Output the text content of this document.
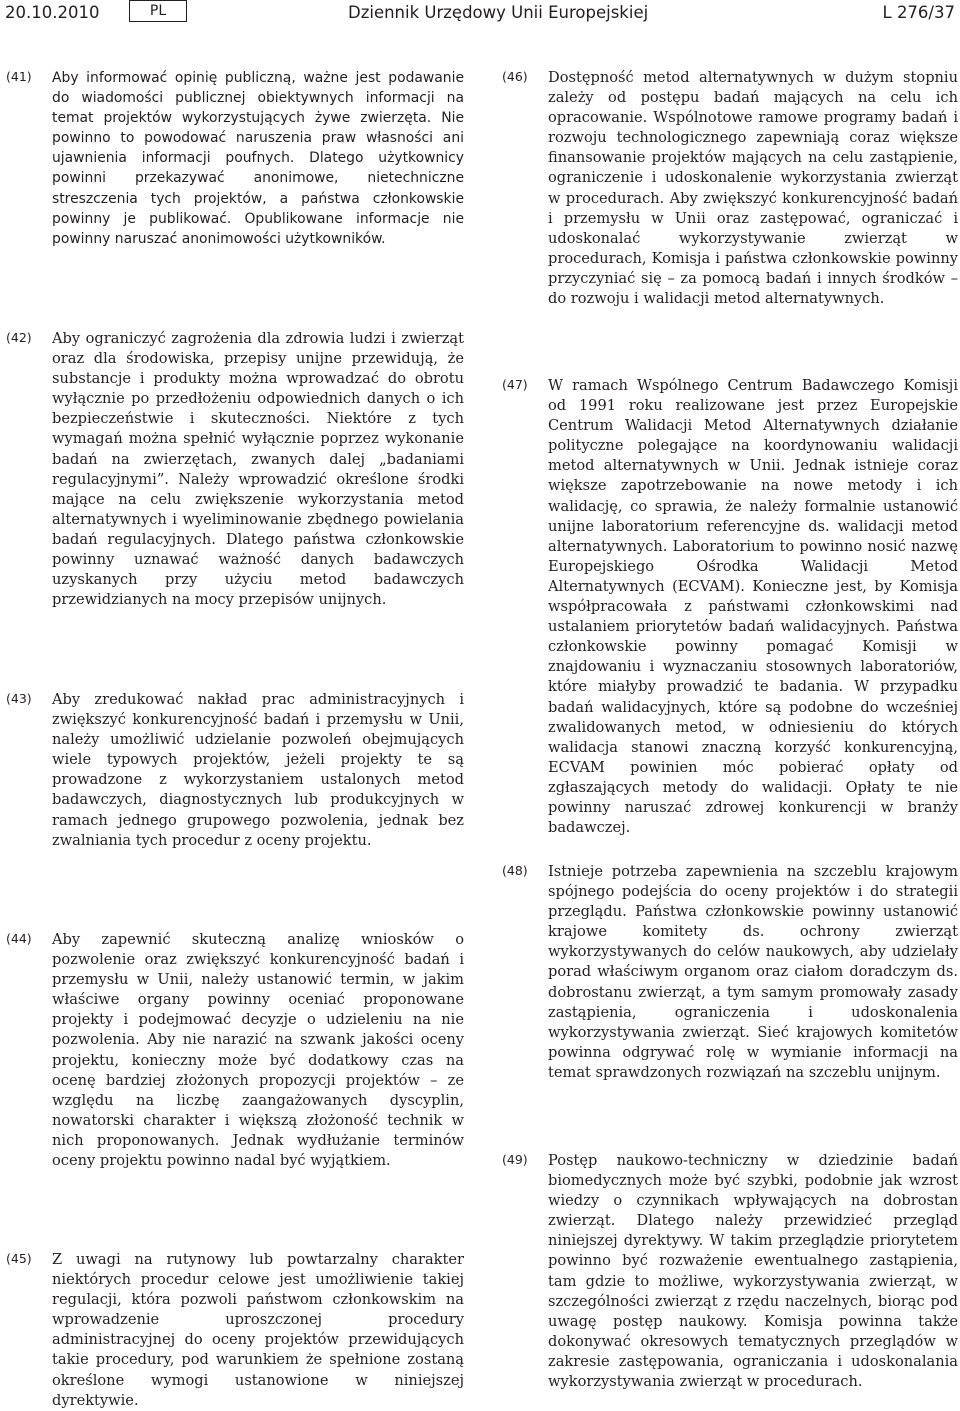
20.10.2010	PL	Dziennik Urzędowy Unii Europejskiej	L 276/37
(41) Aby informować opinię publiczną, ważne jest podawanie do wiadomości publicznej obiektywnych informacji na temat projektów wykorzystujących żywe zwierzęta. Nie powinno to powodować naruszenia praw własności ani ujawnienia informacji poufnych. Dlatego użytkownicy powinni przekazywać anonimowe, nietechniczne streszczenia tych projektów, a państwa członkowskie powinny je publikować. Opublikowane informacje nie powinny naruszać anonimowości użytkowników.
(42) Aby ograniczyć zagrożenia dla zdrowia ludzi i zwierząt oraz dla środowiska, przepisy unijne przewidują, że substancje i produkty można wprowadzać do obrotu wyłącznie po przedłożeniu odpowiednich danych o ich bezpieczeństwie i skuteczności. Niektóre z tych wymagań można spełnić wyłącznie poprzez wykonanie badań na zwierzętach, zwanych dalej „badaniami regulacyjnymi”. Należy wprowadzić określone środki mające na celu zwiększenie wykorzystania metod alternatywnych i wyeliminowanie zbędnego powielania badań regulacyjnych. Dlatego państwa członkowskie powinny uznawać ważność danych badawczych uzyskanych przy użyciu metod badawczych przewidzianych na mocy przepisów unijnych.
(43) Aby zredukować nakład prac administracyjnych i zwiększyć konkurencyjność badań i przemysłu w Unii, należy umożliwić udzielanie pozwoleń obejmujących wiele typowych projektów, jeżeli projekty te są prowadzone z wykorzystaniem ustalonych metod badawczych, diagnostycznych lub produkcyjnych w ramach jednego grupowego pozwolenia, jednak bez zwalniania tych procedur z oceny projektu.
(44) Aby zapewnić skuteczną analizę wniosków o pozwolenie oraz zwiększyć konkurencyjność badań i przemysłu w Unii, należy ustanowić termin, w jakim właściwe organy powinny oceniać proponowane projekty i podejmować decyzje o udzieleniu na nie pozwolenia. Aby nie narazić na szwank jakości oceny projektu, konieczny może być dodatkowy czas na ocenę bardziej złożonych propozycji projektów – ze względu na liczbę zaangażowanych dyscyplin, nowatorski charakter i większą złożoność technik w nich proponowanych. Jednak wydłużanie terminów oceny projektu powinno nadal być wyjątkiem.
(45) Z uwagi na rutynowy lub powtarzalny charakter niektórych procedur celowe jest umożliwienie takiej regulacji, która pozwoli państwom członkowskim na wprowadzenie uproszczonej procedury administracyjnej do oceny projektów przewidujących takie procedury, pod warunkiem że spełnione zostaną określone wymogi ustanowione w niniejszej dyrektywie.
(46) Dostępność metod alternatywnych w dużym stopniu zależy od postępu badań mających na celu ich opracowanie. Wspólnotowe ramowe programy badań i rozwoju technologicznego zapewniają coraz większe finansowanie projektów mających na celu zastąpienie, ograniczenie i udoskonalenie wykorzystania zwierząt w procedurach. Aby zwiększyć konkurencyjność badań i przemysłu w Unii oraz zastępować, ograniczać i udoskonalać wykorzystywanie zwierząt w procedurach, Komisja i państwa członkowskie powinny przyczyniać się – za pomocą badań i innych środków – do rozwoju i walidacji metod alternatywnych.
(47) W ramach Wspólnego Centrum Badawczego Komisji od 1991 roku realizowane jest przez Europejskie Centrum Walidacji Metod Alternatywnych działanie polityczne polegające na koordynowaniu walidacji metod alternatywnych w Unii. Jednak istnieje coraz większe zapotrzebowanie na nowe metody i ich walidację, co sprawia, że należy formalnie ustanowić unijne laboratorium referencyjne ds. walidacji metod alternatywnych. Laboratorium to powinno nosić nazwę Europejskiego Ośrodka Walidacji Metod Alternatywnych (ECVAM). Konieczne jest, by Komisja współpracowała z państwami członkowskimi nad ustalaniem priorytetów badań walidacyjnych. Państwa członkowskie powinny pomagać Komisji w znajdowaniu i wyznaczaniu stosownych laboratoriów, które miałyby prowadzić te badania. W przypadku badań walidacyjnych, które są podobne do wcześniej zwalidowanych metod, w odniesieniu do których walidacja stanowi znaczną korzyść konkurencyjną, ECVAM powinien móc pobierać opłaty od zgłaszających metody do walidacji. Opłaty te nie powinny naruszać zdrowej konkurencji w branży badawczej.
(48) Istnieje potrzeba zapewnienia na szczeblu krajowym spójnego podejścia do oceny projektów i do strategii przeglądu. Państwa członkowskie powinny ustanowić krajowe komitety ds. ochrony zwierząt wykorzystywanych do celów naukowych, aby udzielały porad właściwym organom oraz ciałom doradczym ds. dobrostanu zwierząt, a tym samym promowały zasady zastąpienia, ograniczenia i udoskonalenia wykorzystywania zwierząt. Sieć krajowych komitetów powinna odgrywać rolę w wymianie informacji na temat sprawdzonych rozwiązań na szczeblu unijnym.
(49) Postęp naukowo-techniczny w dziedzinie badań biomedycznych może być szybki, podobnie jak wzrost wiedzy o czynnikach wpływających na dobrostan zwierząt. Dlatego należy przewidzieć przegląd niniejszej dyrektywy. W takim przeglądzie priorytetem powinno być rozważenie ewentualnego zastąpienia, tam gdzie to możliwe, wykorzystywania zwierząt, w szczególności zwierząt z rzędu naczelnych, biorąc pod uwagę postęp naukowy. Komisja powinna także dokonywać okresowych tematycznych przeglądów w zakresie zastępowania, ograniczania i udoskonalania wykorzystywania zwierząt w procedurach.
